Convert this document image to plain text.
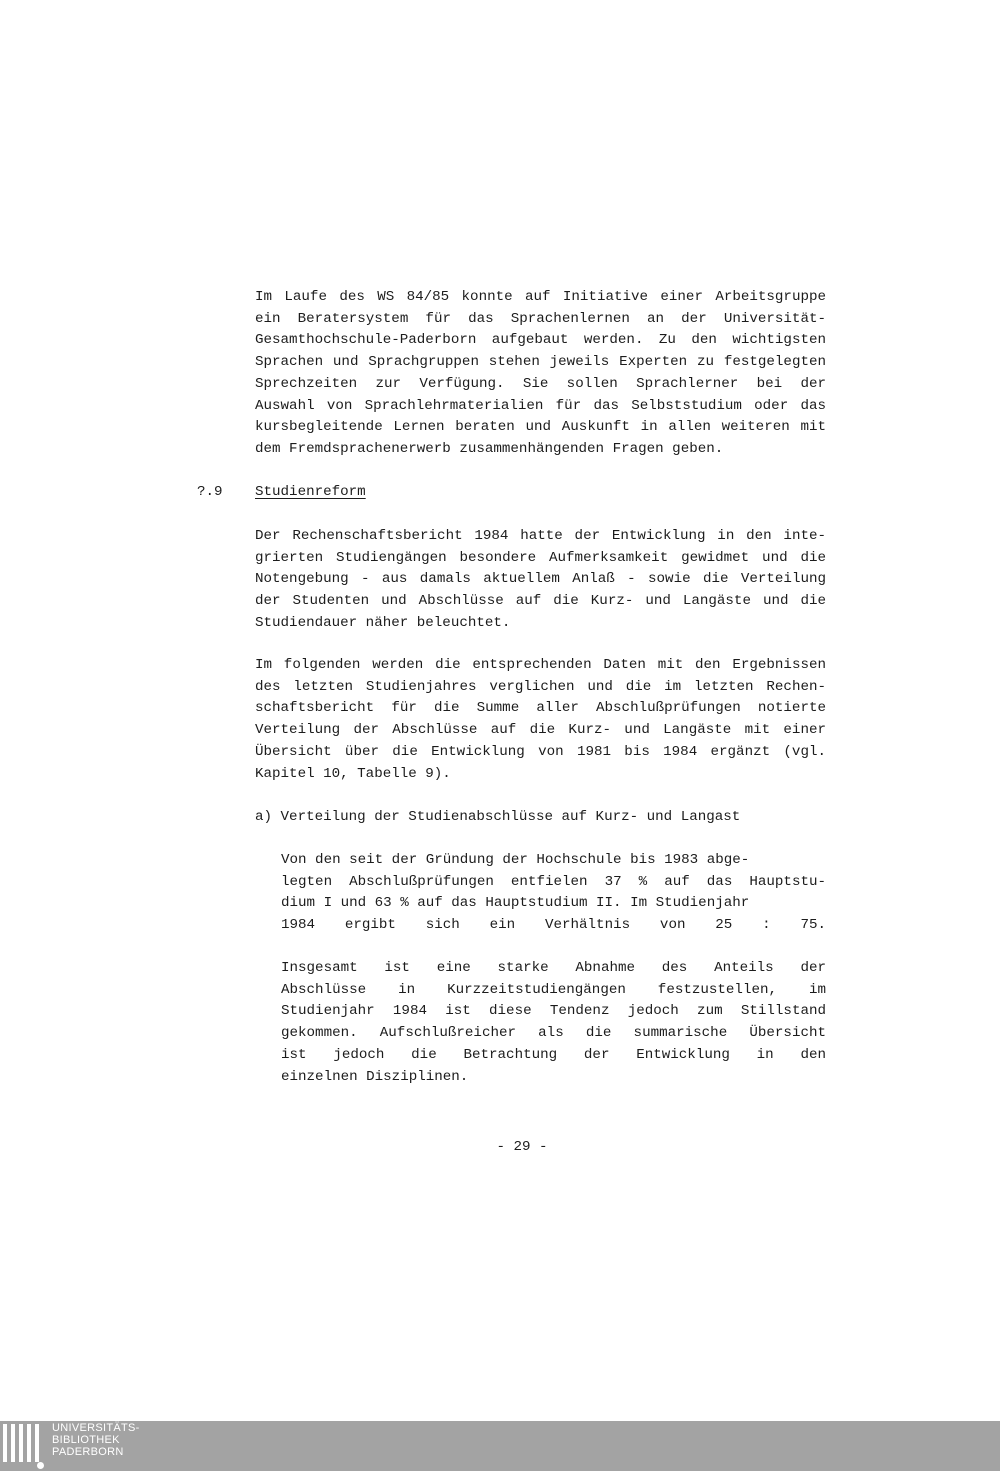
Im Laufe des WS 84/85 konnte auf Initiative einer Arbeitsgruppe
ein Beratersystem für das Sprachenlernen an der Universität-
Gesamthochschule-Paderborn aufgebaut werden. Zu den wichtigsten
Sprachen und Sprachgruppen stehen jeweils Experten zu festgelegten
Sprechzeiten zur Verfügung. Sie sollen Sprachlerner bei der
Auswahl von Sprachlehrmaterialien für das Selbststudium oder das
kursbegleitende Lernen beraten und Auskunft in allen weiteren mit
dem Fremdsprachenerwerb zusammenhängenden Fragen geben.
?.9 Studienreform
Der Rechenschaftsbericht 1984 hatte der Entwicklung in den inte-
grierten Studiengängen besondere Aufmerksamkeit gewidmet und die
Notengebung - aus damals aktuellem Anlaß - sowie die Verteilung
der Studenten und Abschlüsse auf die Kurz- und Langäste und die
Studiendauer näher beleuchtet.
Im folgenden werden die entsprechenden Daten mit den Ergebnissen
des letzten Studienjahres verglichen und die im letzten Rechen-
schaftsbericht für die Summe aller Abschlußprüfungen notierte
Verteilung der Abschlüsse auf die Kurz- und Langäste mit einer
Übersicht über die Entwicklung von 1981 bis 1984 ergänzt (vgl.
Kapitel 10, Tabelle 9).
a) Verteilung der Studienabschlüsse auf Kurz- und Langast
Von den seit der Gründung der Hochschule bis 1983 abge-
legten Abschlußprüfungen entfielen 37 % auf das Hauptstu-
dium I und 63 % auf das Hauptstudium II. Im Studienjahr
1984 ergibt sich ein Verhältnis von 25 : 75.
Insgesamt ist eine starke Abnahme des Anteils der
Abschlüsse in Kurzzeitstudiengängen festzustellen, im
Studienjahr 1984 ist diese Tendenz jedoch zum Stillstand
gekommen. Aufschlußreicher als die summarische Übersicht
ist jedoch die Betrachtung der Entwicklung in den
einzelnen Disziplinen.
- 29 -
UNIVERSITÄTS-
BIBLIOTHEK
PADERBORN
